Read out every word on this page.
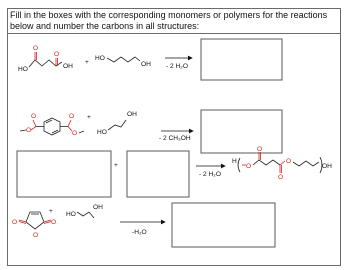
Fill in the boxes with the corresponding monomers or polymers for the reactions below and number the carbons in all structures:
HO
O
O
OH
+
HO
OH - 2 H₂O
O
O
O
O
+
HO
OH
- 2 CH₃OH
+
- 2 H₂O
H
O
O
O
O
OH
O	O
O
+ HO
OH
-H₂O
